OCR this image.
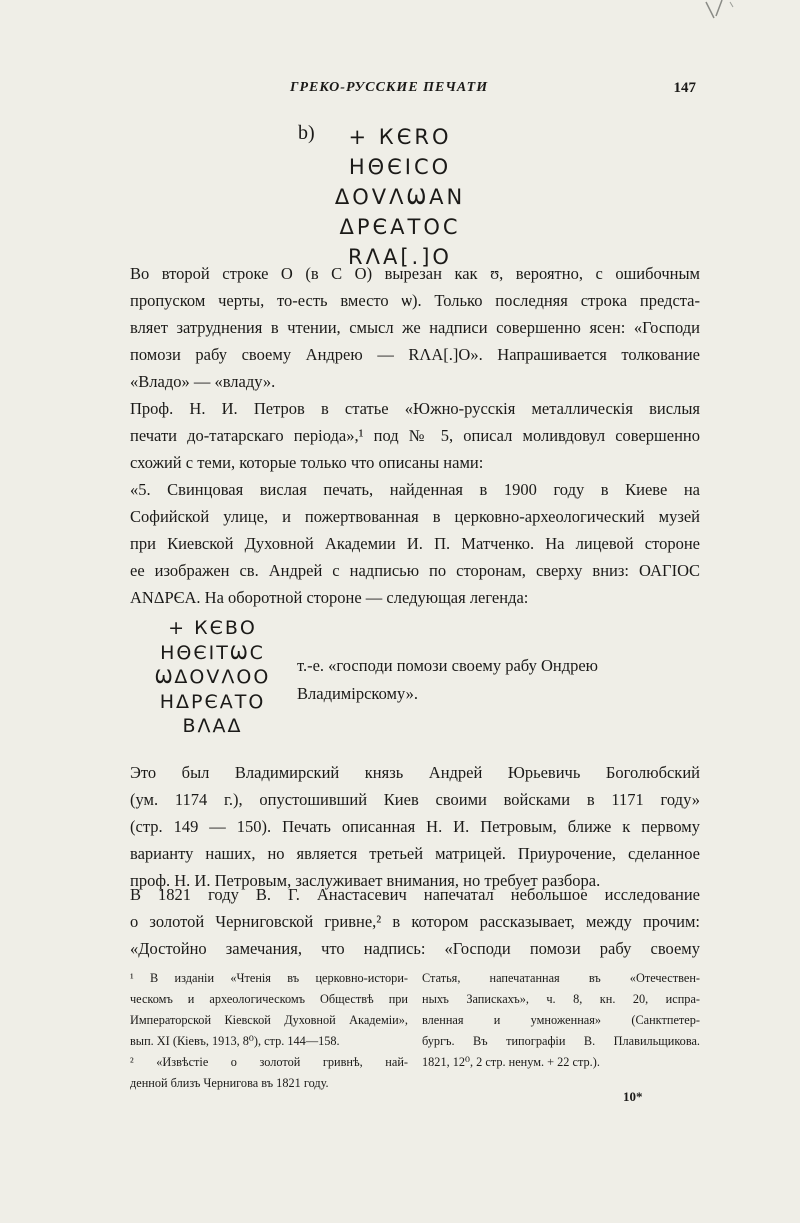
ГРЕКО-РУССКИЕ ПЕЧАТИ	147
b)	+ КЄRO
НΘЄΙСО
ΔΟVΛѠΑΝ
ΔΡЄΑΤΟС
RΛΑ[.]O
Во второй строке O (в C O) вырезан как ʊ, вероятно, с ошибочным
пропуском черты, то-есть вместо ѡ). Только последняя строка предста-
вляет затруднения в чтении, смысл же надписи совершенно ясен: «Господи
помози рабу своему Андрею — RΛΑ[.]O». Напрашивается толкование
«Владо» — «владу».
Проф. Н. И. Петров в статье «Южно-русскія металлическія вислыя
печати до-татарскаго періода»,¹ под № 5, описал моливдовул совершенно
схожий с теми, которые только что описаны нами:
«5. Свинцовая вислая печать, найденная в 1900 году в Киеве на
Софийской улице, и пожертвованная в церковно-археологический музей
при Киевской Духовной Академии И. П. Матченко. На лицевой стороне
ее изображен св. Андрей с надписью по сторонам, сверху вниз: ΟΑΓΙΟС
ΑΝΔΡЄΑ. На оборотной стороне — следующая легенда:
+ КЄВО
НΘЄΙТѠС
ѠΔΟVΛΟΟ
НΔΡЄΑΤΟ
ВΛΑΔ
т.-е. «господи помози своему рабу Ондрею Владимірскому».
Это был Владимирский князь Андрей Юрьевичь Боголюбский
(ум. 1174 г.), опустошивший Киев своими войсками в 1171 году»
(стр. 149 — 150). Печать описанная Н. И. Петровым, ближе к первому
варианту наших, но является третьей матрицей. Приурочение, сделанное
проф. Н. И. Петровым, заслуживает внимания, но требует разбора.
В 1821 году В. Г. Анастасевич напечатал небольшое исследование
о золотой Черниговской гривне,² в котором рассказывает, между прочим:
«Достойно замечания, что надпись: «Господи помози рабу своему
¹ В изданіи «Чтенія въ церковно-истори-
ческомъ и археологическомъ Обществѣ при
Императорской Кіевской Духовной Академіи»,
вып. XI (Кіевъ, 1913, 8⁰), стр. 144—158.
² «Извѣстіе о золотой гривнѣ, най-
денной близъ Чернигова въ 1821 году.
Статья, напечатанная въ «Отечествен-
ныхъ Запискахъ», ч. 8, кн. 20, испра-
вленная и умноженная» (Санктпетер-
бургъ. Въ типографіи В. Плавильщикова.
1821, 12⁰, 2 стр. ненум. + 22 стр.).
10*
